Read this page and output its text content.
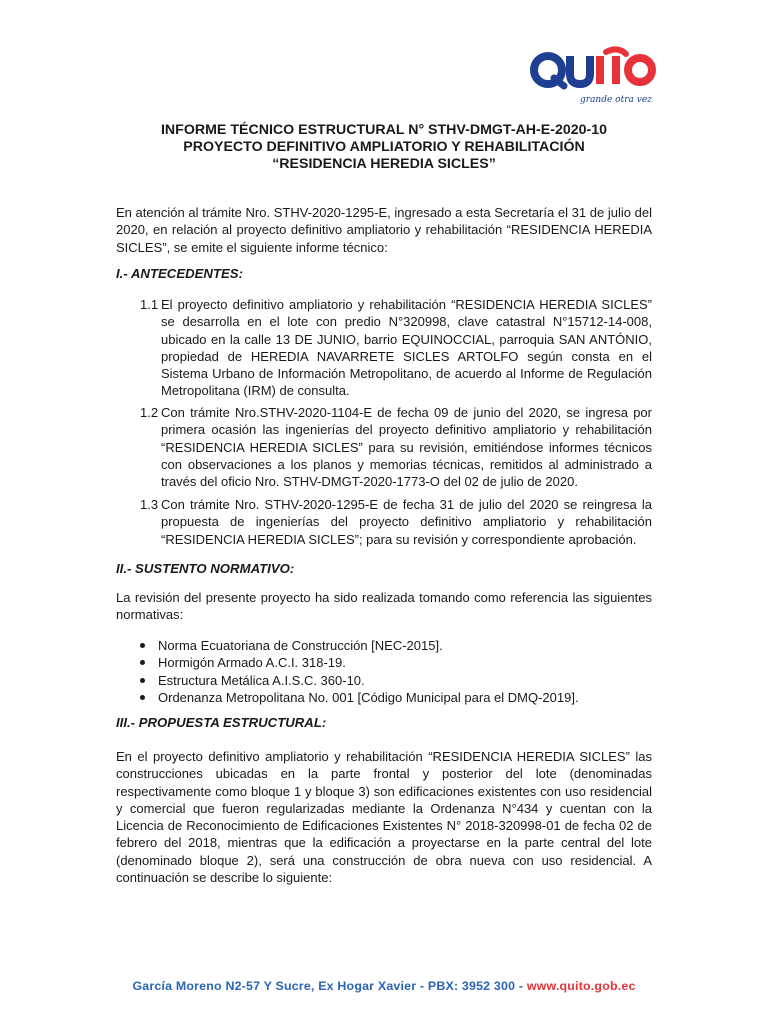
grande otra vez
INFORME TÉCNICO ESTRUCTURAL N° STHV-DMGT-AH-E-2020-10
PROYECTO DEFINITIVO AMPLIATORIO Y REHABILITACIÓN
“RESIDENCIA HEREDIA SICLES”
En atención al trámite Nro. STHV-2020-1295-E, ingresado a esta Secretaría el 31 de julio del 2020, en relación al proyecto definitivo ampliatorio y rehabilitación “RESIDENCIA HEREDIA SICLES”, se emite el siguiente informe técnico:
I.- ANTECEDENTES:
1.1 El proyecto definitivo ampliatorio y rehabilitación “RESIDENCIA HEREDIA SICLES” se desarrolla en el lote con predio N°320998, clave catastral N°15712-14-008, ubicado en la calle 13 DE JUNIO, barrio EQUINOCCIAL, parroquia SAN ANTÓNIO, propiedad de HEREDIA NAVARRETE SICLES ARTOLFO según consta en el Sistema Urbano de Información Metropolitano, de acuerdo al Informe de Regulación Metropolitana (IRM) de consulta.
1.2 Con trámite Nro.STHV-2020-1104-E de fecha 09 de junio del 2020, se ingresa por primera ocasión las ingenierías del proyecto definitivo ampliatorio y rehabilitación “RESIDENCIA HEREDIA SICLES” para su revisión, emitiéndose informes técnicos con observaciones a los planos y memorias técnicas, remitidos al administrado a través del oficio Nro. STHV-DMGT-2020-1773-O del 02 de julio de 2020.
1.3 Con trámite Nro. STHV-2020-1295-E de fecha 31 de julio del 2020 se reingresa la propuesta de ingenierías del proyecto definitivo ampliatorio y rehabilitación “RESIDENCIA HEREDIA SICLES”; para su revisión y correspondiente aprobación.
II.- SUSTENTO NORMATIVO:
La revisión del presente proyecto ha sido realizada tomando como referencia las siguientes normativas:
Norma Ecuatoriana de Construcción [NEC-2015].
Hormigón Armado A.C.I. 318-19.
Estructura Metálica A.I.S.C. 360-10.
Ordenanza Metropolitana No. 001 [Código Municipal para el DMQ-2019].
III.- PROPUESTA ESTRUCTURAL:
En el proyecto definitivo ampliatorio y rehabilitación “RESIDENCIA HEREDIA SICLES” las construcciones ubicadas en la parte frontal y posterior del lote (denominadas respectivamente como bloque 1 y bloque 3) son edificaciones existentes con uso residencial y comercial que fueron regularizadas mediante la Ordenanza N°434 y cuentan con la Licencia de Reconocimiento de Edificaciones Existentes N° 2018-320998-01 de fecha 02 de febrero del 2018, mientras que la edificación a proyectarse en la parte central del lote (denominado bloque 2), será una construcción de obra nueva con uso residencial. A continuación se describe lo siguiente:
García Moreno N2-57 Y Sucre, Ex Hogar Xavier - PBX: 3952 300 - www.quito.gob.ec
